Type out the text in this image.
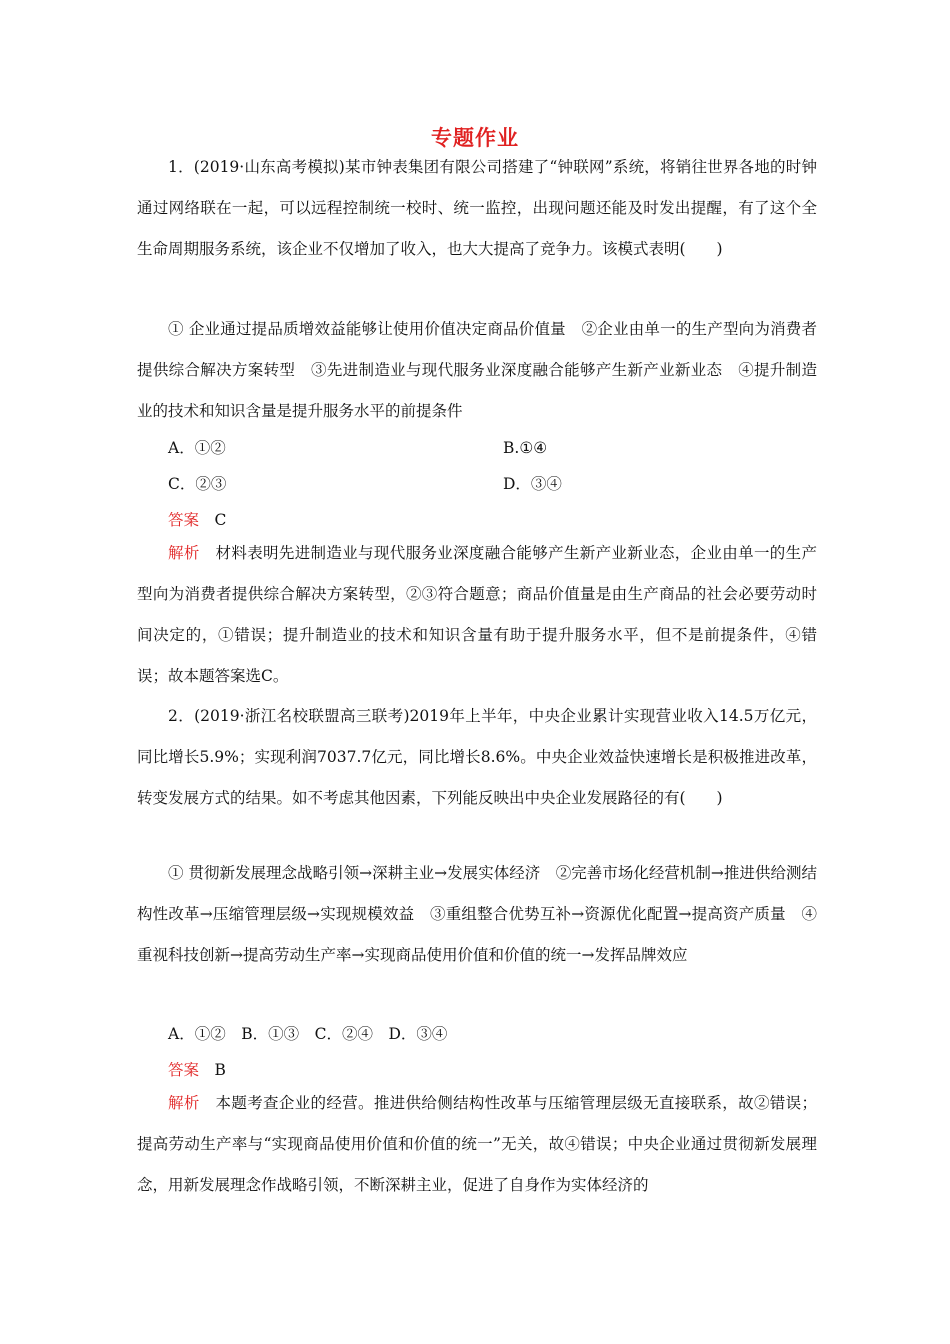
专题作业

1．(2019·山东高考模拟)某市钟表集团有限公司搭建了“钟联网”系统，将销往世界各地的时钟通过网络联在一起，可以远程控制统一校时、统一监控，出现问题还能及时发出提醒，有了这个全生命周期服务系统，该企业不仅增加了收入，也大大提高了竞争力。该模式表明(　　)

① 企业通过提品质增效益能够让使用价值决定商品价值量　②企业由单一的生产型向为消费者提供综合解决方案转型　③先进制造业与现代服务业深度融合能够产生新产业新业态　④提升制造业的技术和知识含量是提升服务水平的前提条件

A．①②	B.①④
C．②③	D．③④
答案　 C

解析　 材料表明先进制造业与现代服务业深度融合能够产生新产业新业态，企业由单一的生产型向为消费者提供综合解决方案转型，②③符合题意；商品价值量是由生产商品的社会必要劳动时间决定的，①错误；提升制造业的技术和知识含量有助于提升服务水平，但不是前提条件，④错误；故本题答案选C。

2．(2019·浙江名校联盟高三联考)2019年上半年，中央企业累计实现营业收入14.5万亿元，同比增长5.9%；实现利润7037.7亿元，同比增长8.6%。中央企业效益快速增长是积极推进改革，转变发展方式的结果。如不考虑其他因素，下列能反映出中央企业发展路径的有(　　)

① 贯彻新发展理念战略引领→深耕主业→发展实体经济　②完善市场化经营机制→推进供给测结构性改革→压缩管理层级→实现规模效益　③重组整合优势互补→资源优化配置→提高资产质量　④重视科技创新→提高劳动生产率→实现商品使用价值和价值的统一→发挥品牌效应

A．①②　B．①③　C．②④　D．③④
答案　 B

解析　 本题考查企业的经营。推进供给侧结构性改革与压缩管理层级无直接联系，故②错误；提高劳动生产率与“实现商品使用价值和价值的统一”无关，故④错误；中央企业通过贯彻新发展理念，用新发展理念作战略引领，不断深耕主业，促进了自身作为实体经济的
